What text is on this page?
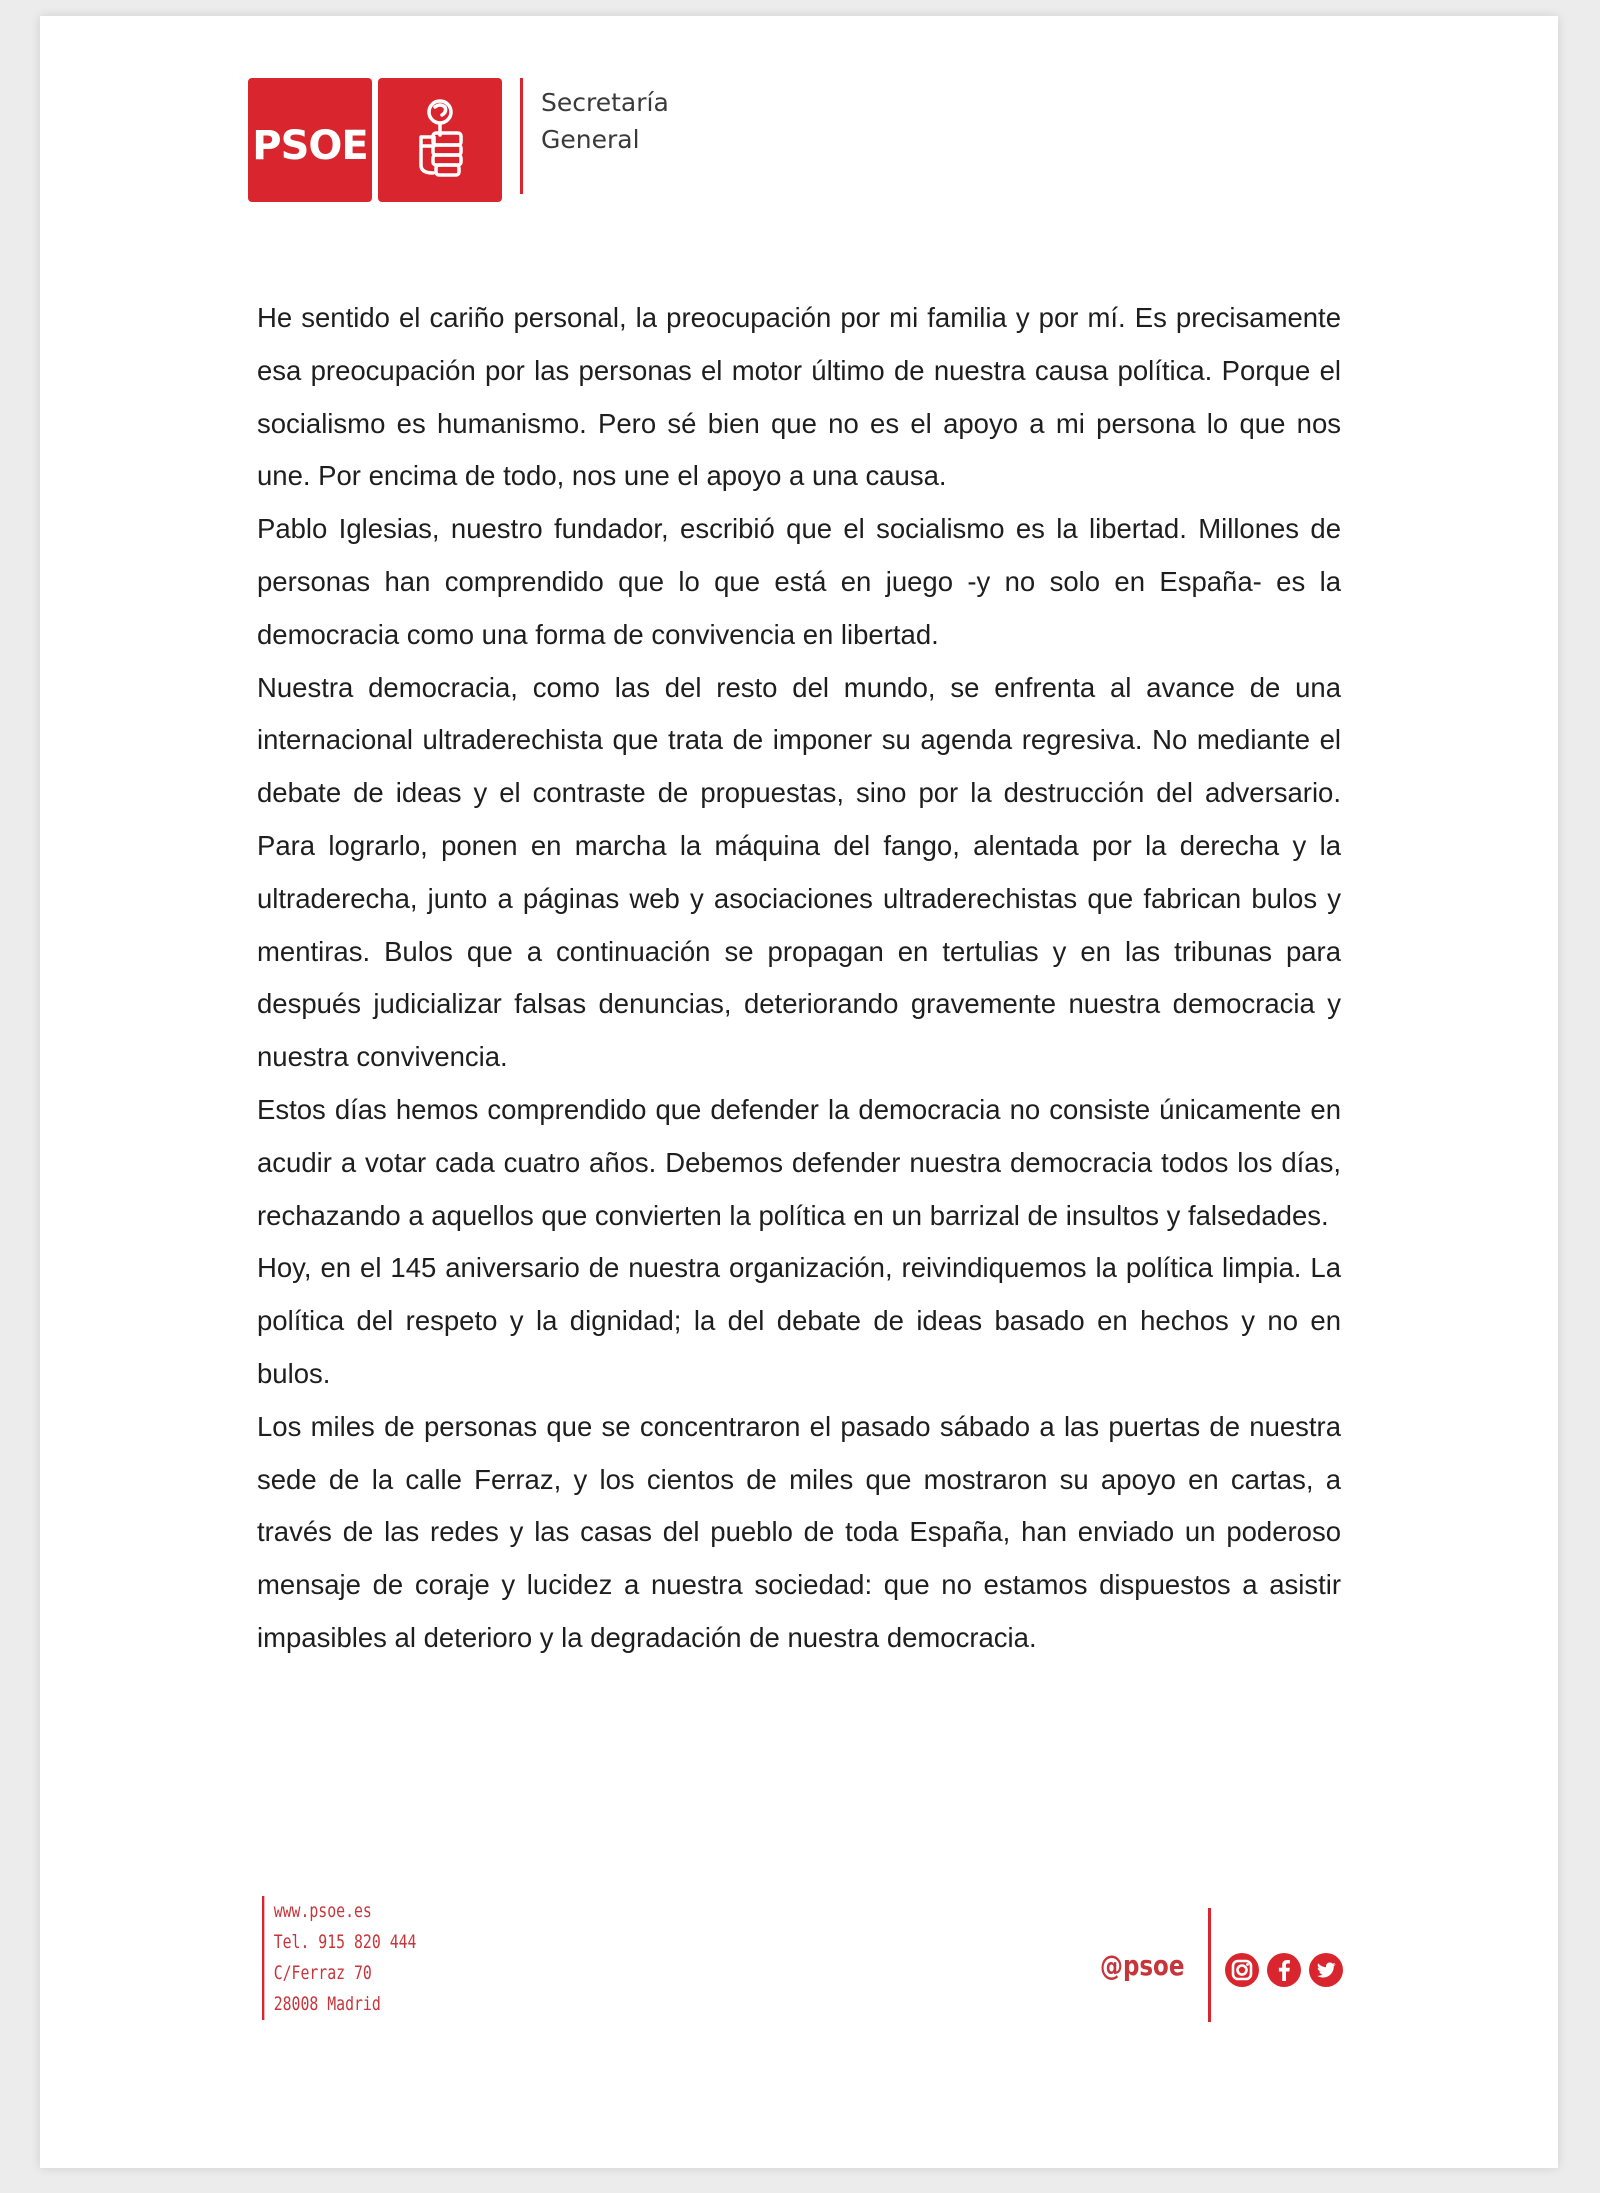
PSOE
Secretaría
General

He sentido el cariño personal, la preocupación por mi familia y por mí. Es precisamente esa preocupación por las personas el motor último de nuestra causa política. Porque el socialismo es humanismo. Pero sé bien que no es el apoyo a mi persona lo que nos une. Por encima de todo, nos une el apoyo a una causa.

Pablo Iglesias, nuestro fundador, escribió que el socialismo es la libertad. Millones de personas han comprendido que lo que está en juego -y no solo en España- es la democracia como una forma de convivencia en libertad.

Nuestra democracia, como las del resto del mundo, se enfrenta al avance de una internacional ultraderechista que trata de imponer su agenda regresiva. No mediante el debate de ideas y el contraste de propuestas, sino por la destrucción del adversario. Para lograrlo, ponen en marcha la máquina del fango, alentada por la derecha y la ultraderecha, junto a páginas web y asociaciones ultraderechistas que fabrican bulos y mentiras. Bulos que a continuación se propagan en tertulias y en las tribunas para después judicializar falsas denuncias, deteriorando gravemente nuestra democracia y nuestra convivencia.

Estos días hemos comprendido que defender la democracia no consiste únicamente en acudir a votar cada cuatro años. Debemos defender nuestra democracia todos los días, rechazando a aquellos que convierten la política en un barrizal de insultos y falsedades.

Hoy, en el 145 aniversario de nuestra organización, reivindiquemos la política limpia. La política del respeto y la dignidad; la del debate de ideas basado en hechos y no en bulos.

Los miles de personas que se concentraron el pasado sábado a las puertas de nuestra sede de la calle Ferraz, y los cientos de miles que mostraron su apoyo en cartas, a través de las redes y las casas del pueblo de toda España, han enviado un poderoso mensaje de coraje y lucidez a nuestra sociedad: que no estamos dispuestos a asistir impasibles al deterioro y la degradación de nuestra democracia.

www.psoe.es
Tel. 915 820 444
C/Ferraz 70
28008 Madrid
@psoe
